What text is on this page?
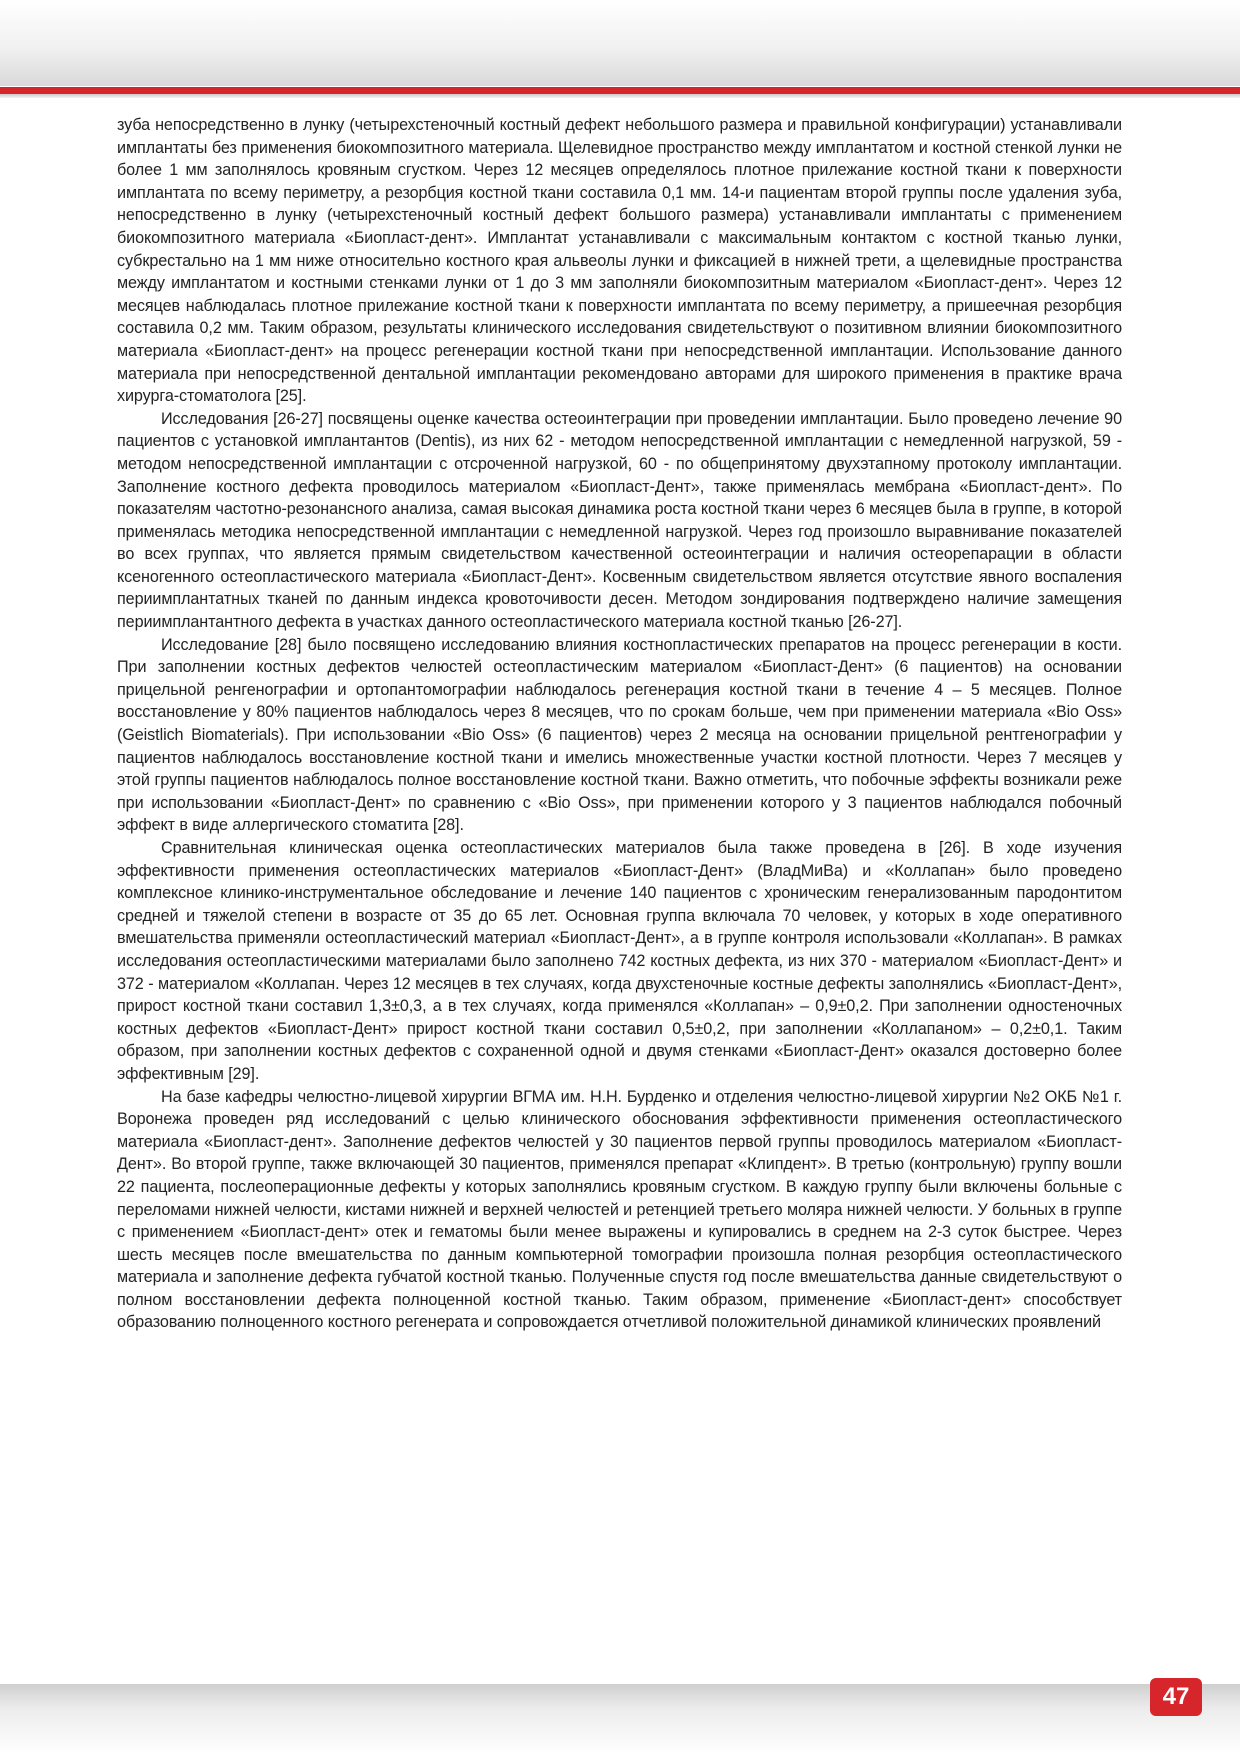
зуба непосредственно в лунку (четырехстеночный костный дефект небольшого размера и правильной конфигурации) устанавливали имплантаты без применения биокомпозитного материала. Щелевидное пространство между имплантатом и костной стенкой лунки не более 1 мм заполнялось кровяным сгустком. Через 12 месяцев определялось плотное прилежание костной ткани к поверхности имплантата по всему периметру, а резорбция костной ткани составила 0,1 мм. 14-и пациентам второй группы после удаления зуба, непосредственно в лунку (четырехстеночный костный дефект большого размера) устанавливали имплантаты с применением биокомпозитного материала «Биопласт-дент». Имплантат устанавливали с максимальным контактом с костной тканью лунки, субкрестально на 1 мм ниже относительно костного края альвеолы лунки и фиксацией в нижней трети, а щелевидные пространства между имплантатом и костными стенками лунки от 1 до 3 мм заполняли биокомпозитным материалом «Биопласт-дент». Через 12 месяцев наблюдалась плотное прилежание костной ткани к поверхности имплантата по всему периметру, а пришеечная резорбция составила 0,2 мм. Таким образом, результаты клинического исследования свидетельствуют о позитивном влиянии биокомпозитного материала «Биопласт-дент» на процесс регенерации костной ткани при непосредственной имплантации. Использование данного материала при непосредственной дентальной имплантации рекомендовано авторами для широкого применения в практике врача хирурга-стоматолога [25].

Исследования [26-27] посвящены оценке качества остеоинтеграции при проведении имплантации. Было проведено лечение 90 пациентов с установкой имплантантов (Dentis), из них 62 - методом непосредственной имплантации с немедленной нагрузкой, 59 - методом непосредственной имплантации с отсроченной нагрузкой, 60 - по общепринятому двухэтапному протоколу имплантации. Заполнение костного дефекта проводилось материалом «Биопласт-Дент», также применялась мембрана «Биопласт-дент». По показателям частотно-резонансного анализа, самая высокая динамика роста костной ткани через 6 месяцев была в группе, в которой применялась методика непосредственной имплантации с немедленной нагрузкой. Через год произошло выравнивание показателей во всех группах, что является прямым свидетельством качественной остеоинтеграции и наличия остеорепарации в области ксеногенного остеопластического материала «Биопласт-Дент». Косвенным свидетельством является отсутствие явного воспаления периимплантатных тканей по данным индекса кровоточивости десен. Методом зондирования подтверждено наличие замещения периимплантантного дефекта в участках данного остеопластического материала костной тканью [26-27].

Исследование [28] было посвящено исследованию влияния костнопластических препаратов на процесс регенерации в кости. При заполнении костных дефектов челюстей остеопластическим материалом «Биопласт-Дент» (6 пациентов) на основании прицельной ренгенографии и ортопантомографии наблюдалось регенерация костной ткани в течение 4 – 5 месяцев. Полное восстановление у 80% пациентов наблюдалось через 8 месяцев, что по срокам больше, чем при применении материала «Bio Oss» (Geistlich Biomaterials). При использовании «Bio Oss» (6 пациентов) через 2 месяца на основании прицельной рентгенографии у пациентов наблюдалось восстановление костной ткани и имелись множественные участки костной плотности. Через 7 месяцев у этой группы пациентов наблюдалось полное восстановление костной ткани. Важно отметить, что побочные эффекты возникали реже при использовании «Биопласт-Дент» по сравнению с «Bio Oss», при применении которого у 3 пациентов наблюдался побочный эффект в виде аллергического стоматита [28].

Сравнительная клиническая оценка остеопластических материалов была также проведена в [26]. В ходе изучения эффективности применения остеопластических материалов «Биопласт-Дент» (ВладМиВа) и «Коллапан» было проведено комплексное клинико-инструментальное обследование и лечение 140 пациентов с хроническим генерализованным пародонтитом средней и тяжелой степени в возрасте от 35 до 65 лет. Основная группа включала 70 человек, у которых в ходе оперативного вмешательства применяли остеопластический материал «Биопласт-Дент», а в группе контроля использовали «Коллапан». В рамках исследования остеопластическими материалами было заполнено 742 костных дефекта, из них 370 - материалом «Биопласт-Дент» и 372 - материалом «Коллапан. Через 12 месяцев в тех случаях, когда двухстеночные костные дефекты заполнялись «Биопласт-Дент», прирост костной ткани составил 1,3±0,3, а в тех случаях, когда применялся «Коллапан» – 0,9±0,2. При заполнении одностеночных костных дефектов «Биопласт-Дент» прирост костной ткани составил 0,5±0,2, при заполнении «Коллапаном» – 0,2±0,1. Таким образом, при заполнении костных дефектов с сохраненной одной и двумя стенками «Биопласт-Дент» оказался достоверно более эффективным [29].

На базе кафедры челюстно-лицевой хирургии ВГМА им. Н.Н. Бурденко и отделения челюстно-лицевой хирургии №2 ОКБ №1 г. Воронежа проведен ряд исследований с целью клинического обоснования эффективности применения остеопластического материала «Биопласт-дент». Заполнение дефектов челюстей у 30 пациентов первой группы проводилось материалом «Биопласт-Дент». Во второй группе, также включающей 30 пациентов, применялся препарат «Клипдент». В третью (контрольную) группу вошли 22 пациента, послеоперационные дефекты у которых заполнялись кровяным сгустком. В каждую группу были включены больные с переломами нижней челюсти, кистами нижней и верхней челюстей и ретенцией третьего моляра нижней челюсти. У больных в группе с применением «Биопласт-дент» отек и гематомы были менее выражены и купировались в среднем на 2-3 суток быстрее. Через шесть месяцев после вмешательства по данным компьютерной томографии произошла полная резорбция остеопластического материала и заполнение дефекта губчатой костной тканью. Полученные спустя год после вмешательства данные свидетельствуют о полном восстановлении дефекта полноценной костной тканью. Таким образом, применение «Биопласт-дент» способствует образованию полноценного костного регенерата и сопровождается отчетливой положительной динамикой клинических проявлений

47
